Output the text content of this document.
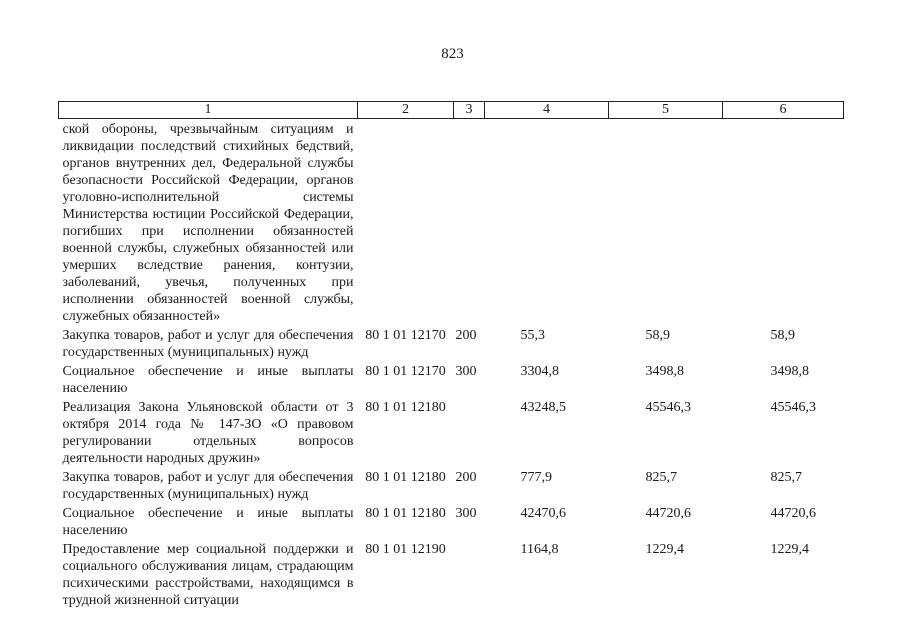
823
1	2	3	4	5	6
ской обороны, чрезвычайным ситуациям и ликвидации последствий стихийных бедствий, органов внутренних дел, Федеральной службы безопасности Российской Федерации, органов уголовно-исполнительной системы Министерства юстиции Российской Федерации, погибших при исполнении обязанностей военной службы, служебных обязанностей или умерших вследствие ранения, контузии, заболеваний, увечья, полученных при исполнении обязанностей военной службы, служебных обязанностей»					
Закупка товаров, работ и услуг для обеспечения государственных (муниципальных) нужд	80 1 01 12170	200	55,3	58,9	58,9
Социальное обеспечение и иные выплаты населению	80 1 01 12170	300	3304,8	3498,8	3498,8
Реализация Закона Ульяновской области от 3 октября 2014 года № 147-ЗО «О правовом регулировании отдельных вопросов деятельности народных дружин»	80 1 01 12180		43248,5	45546,3	45546,3
Закупка товаров, работ и услуг для обеспечения государственных (муниципальных) нужд	80 1 01 12180	200	777,9	825,7	825,7
Социальное обеспечение и иные выплаты населению	80 1 01 12180	300	42470,6	44720,6	44720,6
Предоставление мер социальной поддержки и социального обслуживания лицам, страдающим психическими расстройствами, находящимся в трудной жизненной ситуации	80 1 01 12190		1164,8	1229,4	1229,4
